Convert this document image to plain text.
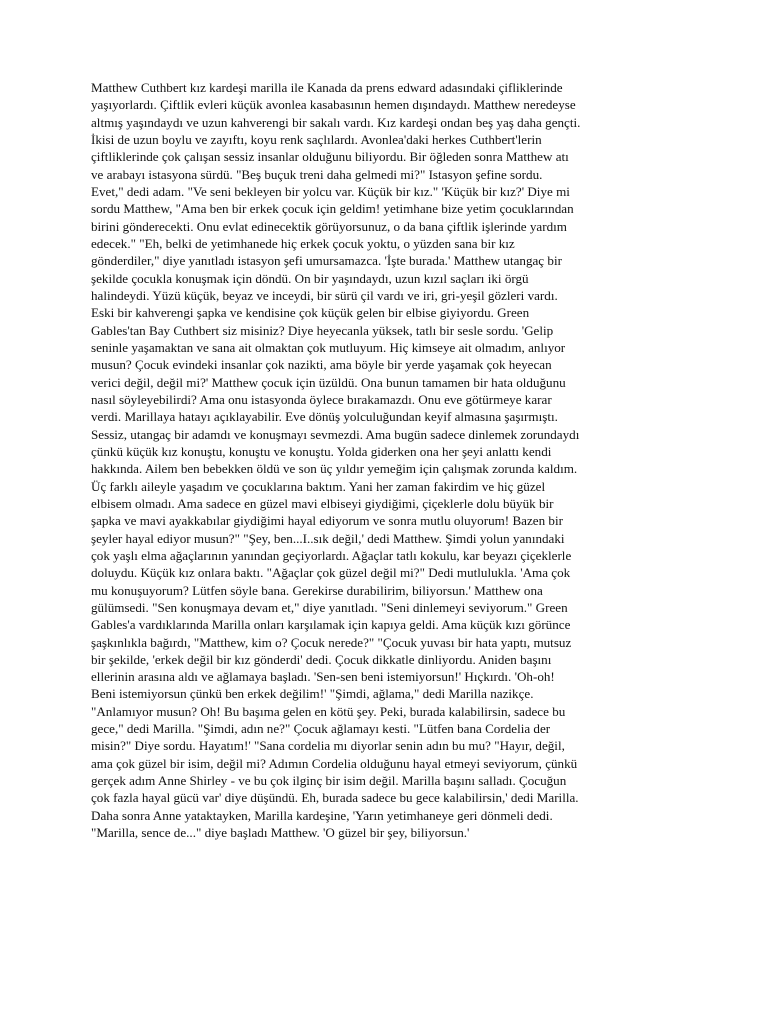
Matthew Cuthbert kız kardeşi marilla ile Kanada da prens edward adasındaki çifliklerinde
yaşıyorlardı. Çiftlik evleri küçük avonlea kasabasının hemen dışındaydı. Matthew neredeyse
altmış yaşındaydı ve uzun kahverengi bir sakalı vardı. Kız kardeşi ondan beş yaş daha gençti.
İkisi de uzun boylu ve zayıftı, koyu renk saçlılardı. Avonlea'daki herkes Cuthbert'lerin
çiftliklerinde çok çalışan sessiz insanlar olduğunu biliyordu. Bir öğleden sonra Matthew atı
ve arabayı istasyona sürdü. "Beş buçuk treni daha gelmedi mi?" Istasyon şefine sordu.
Evet," dedi adam. "Ve seni bekleyen bir yolcu var. Küçük bir kız." 'Küçük bir kız?' Diye mi
sordu Matthew, "Ama ben bir erkek çocuk için geldim! yetimhane bize yetim çocuklarından
birini gönderecekti. Onu evlat edinecektik görüyorsunuz, o da bana çiftlik işlerinde yardım
edecek." "Eh, belki de yetimhanede hiç erkek çocuk yoktu, o yüzden sana bir kız
gönderdiler," diye yanıtladı istasyon şefi umursamazca. 'İşte burada.' Matthew utangaç bir
şekilde çocukla konuşmak için döndü. On bir yaşındaydı, uzun kızıl saçları iki örgü
halindeydi. Yüzü küçük, beyaz ve inceydi, bir sürü çil vardı ve iri, gri-yeşil gözleri vardı.
Eski bir kahverengi şapka ve kendisine çok küçük gelen bir elbise giyiyordu. Green
Gables'tan Bay Cuthbert siz misiniz? Diye heyecanla yüksek, tatlı bir sesle sordu. 'Gelip
seninle yaşamaktan ve sana ait olmaktan çok mutluyum. Hiç kimseye ait olmadım, anlıyor
musun? Çocuk evindeki insanlar çok nazikti, ama böyle bir yerde yaşamak çok heyecan
verici değil, değil mi?' Matthew çocuk için üzüldü. Ona bunun tamamen bir hata olduğunu
nasıl söyleyebilirdi? Ama onu istasyonda öylece bırakamazdı. Onu eve götürmeye karar
verdi. Marillaya hatayı açıklayabilir. Eve dönüş yolculuğundan keyif almasına şaşırmıştı.
Sessiz, utangaç bir adamdı ve konuşmayı sevmezdi. Ama bugün sadece dinlemek zorundaydı
çünkü küçük kız konuştu, konuştu ve konuştu. Yolda giderken ona her şeyi anlattı kendi
hakkında. Ailem ben bebekken öldü ve son üç yıldır yemeğim için çalışmak zorunda kaldım.
Üç farklı aileyle yaşadım ve çocuklarına baktım. Yani her zaman fakirdim ve hiç güzel
elbisem olmadı. Ama sadece en güzel mavi elbiseyi giydiğimi, çiçeklerle dolu büyük bir
şapka ve mavi ayakkabılar giydiğimi hayal ediyorum ve sonra mutlu oluyorum! Bazen bir
şeyler hayal ediyor musun?" "Şey, ben...I..sık değil,' dedi Matthew. Şimdi yolun yanındaki
çok yaşlı elma ağaçlarının yanından geçiyorlardı. Ağaçlar tatlı kokulu, kar beyazı çiçeklerle
doluydu. Küçük kız onlara baktı. "Ağaçlar çok güzel değil mi?" Dedi mutlulukla. 'Ama çok
mu konuşuyorum? Lütfen söyle bana. Gerekirse durabilirim, biliyorsun.' Matthew ona
gülümsedi. "Sen konuşmaya devam et," diye yanıtladı. "Seni dinlemeyi seviyorum." Green
Gables'a vardıklarında Marilla onları karşılamak için kapıya geldi. Ama küçük kızı görünce
şaşkınlıkla bağırdı, "Matthew, kim o? Çocuk nerede?" "Çocuk yuvası bir hata yaptı, mutsuz
bir şekilde, 'erkek değil bir kız gönderdi' dedi. Çocuk dikkatle dinliyordu. Aniden başını
ellerinin arasına aldı ve ağlamaya başladı. 'Sen-sen beni istemiyorsun!' Hıçkırdı. 'Oh-oh!
Beni istemiyorsun çünkü ben erkek değilim!' "Şimdi, ağlama," dedi Marilla nazikçe.
"Anlamıyor musun? Oh! Bu başıma gelen en kötü şey. Peki, burada kalabilirsin, sadece bu
gece," dedi Marilla. "Şimdi, adın ne?" Çocuk ağlamayı kesti. "Lütfen bana Cordelia der
misin?" Diye sordu. Hayatım!' "Sana cordelia mı diyorlar senin adın bu mu? "Hayır, değil,
ama çok güzel bir isim, değil mi? Adımın Cordelia olduğunu hayal etmeyi seviyorum, çünkü
gerçek adım Anne Shirley - ve bu çok ilginç bir isim değil. Marilla başını salladı. Çocuğun
çok fazla hayal gücü var' diye düşündü. Eh, burada sadece bu gece kalabilirsin,' dedi Marilla.
Daha sonra Anne yataktayken, Marilla kardeşine, 'Yarın yetimhaneye geri dönmeli dedi.
"Marilla, sence de..." diye başladı Matthew. 'O güzel bir şey, biliyorsun.'
